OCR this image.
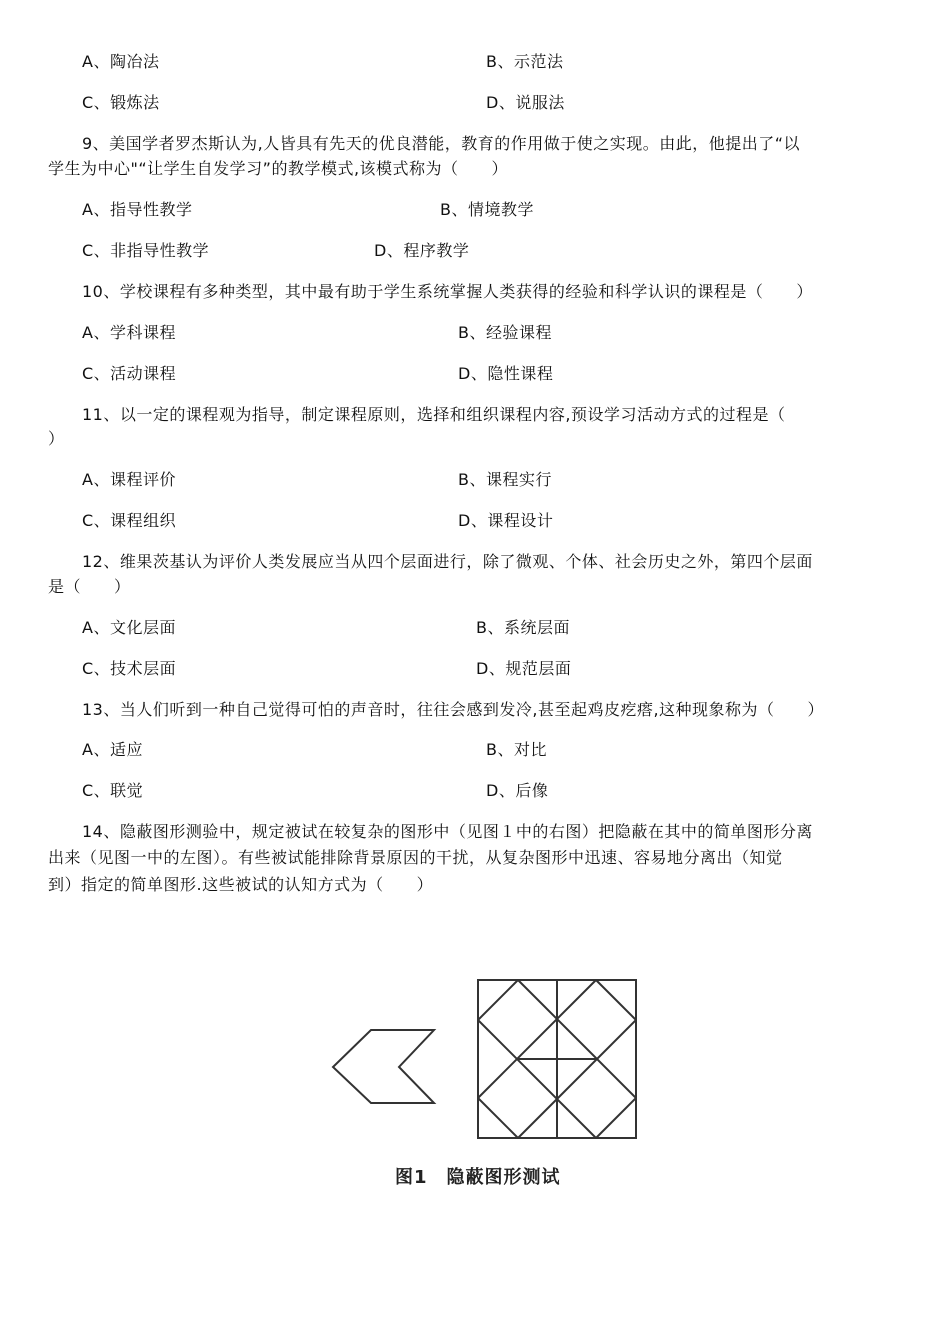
A、陶冶法	B、示范法
C、锻炼法	D、说服法
9、美国学者罗杰斯认为,人皆具有先天的优良潜能，教育的作用做于使之实现。由此，他提出了“以
学生为中心"“让学生自发学习”的教学模式,该模式称为（　　）
A、指导性教学	B、情境教学
C、非指导性教学	D、程序教学
10、学校课程有多种类型，其中最有助于学生系统掌握人类获得的经验和科学认识的课程是（　　）
A、学科课程	B、经验课程
C、活动课程	D、隐性课程
11、以一定的课程观为指导，制定课程原则，选择和组织课程内容,预设学习活动方式的过程是（
）
A、课程评价	B、课程实行
C、课程组织	D、课程设计
12、维果茨基认为评价人类发展应当从四个层面进行，除了微观、个体、社会历史之外，第四个层面
是（　　）
A、文化层面	B、系统层面
C、技术层面	D、规范层面
13、当人们听到一种自己觉得可怕的声音时，往往会感到发冷,甚至起鸡皮疙瘩,这种现象称为（　　）
A、适应	B、对比
C、联觉	D、后像
14、隐蔽图形测验中，规定被试在较复杂的图形中（见图１中的右图）把隐蔽在其中的简单图形分离
出来（见图一中的左图）。有些被试能排除背景原因的干扰，从复杂图形中迅速、容易地分离出（知觉
到）指定的简单图形.这些被试的认知方式为（　　）
图1　隐蔽图形测试
